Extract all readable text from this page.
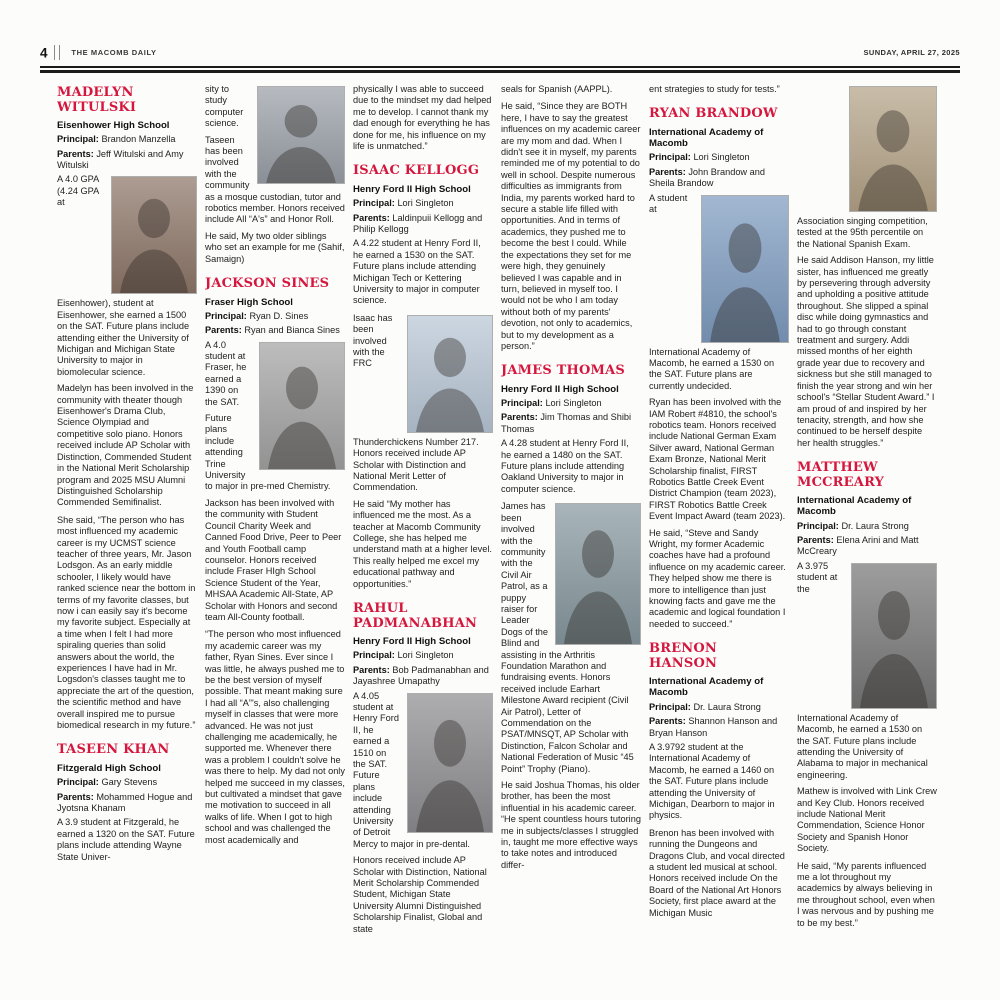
4	THE MACOMB DAILY	SUNDAY, APRIL 27, 2025
MADELYN WITULSKI
Eisenhower High School
Principal: Brandon Manzella
Parents: Jeff Witulski and Amy Witulski

A 4.0 GPA (4.24 GPA at Eisenhower), student at Eisenhower, she earned a 1500 on the SAT. Future plans include attending either the University of Michigan and Michigan State University to major in biomolecular science.

Madelyn has been involved in the community with theater though Eisenhower's Drama Club, Science Olympiad and competitive solo piano. Honors received include AP Scholar with Distinction, Commended Student in the National Merit Scholarship program and 2025 MSU Alumni Distinguished Scholarship Commended Semifinalist.

She said, “The person who has most influenced my academic career is my UCMST science teacher of three years, Mr. Jason Lodsgon. As an early middle schooler, I likely would have ranked science near the bottom in terms of my favorite classes, but now i can easily say it's become my favorite subject. Especially at a time when I felt I had more spiraling queries than solid answers about the world, the experiences I have had in Mr. Logsdon's classes taught me to appreciate the art of the question, the scientific method and have overall inspired me to pursue biomedical research in my future.”

TASEEN KHAN
Fitzgerald High School
Principal: Gary Stevens
Parents: Mohammed Hogue and Jyotsna Khanam

A 3.9 student at Fitzgerald, he earned a 1320 on the SAT. Future plans include attending Wayne State Univer-

sity to study computer science.

Taseen has been involved with the community as a mosque custodian, tutor and robotics member. Honors received include All “A's” and Honor Roll.

He said, My two older siblings who set an example for me (Sahif, Samaign)

JACKSON SINES
Fraser High School
Principal: Ryan D. Sines
Parents: Ryan and Bianca Sines

A 4.0 student at Fraser, he earned a 1390 on the SAT.

Future plans include attending Trine University to major in pre-med Chemistry.

Jackson has been involved with the community with Student Council Charity Week and Canned Food Drive, Peer to Peer and Youth Football camp counselor. Honors received include Fraser HIgh School Science Student of the Year, MHSAA Academic All-State, AP Scholar with Honors and second team All-County football.

“The person who most influenced my academic career was my father, Ryan Sines. Ever since I was little, he always pushed me to be the best version of myself possible. That meant making sure I had all “A”'s, also challenging myself in classes that were more advanced. He was not just challenging me academically, he supported me. Whenever there was a problem I couldn't solve he was there to help. My dad not only helped me succeed in my classes, but cultivated a mindset that gave me motivation to succeed in all walks of life. When I got to high school and was challenged the most academically and

physically I was able to succeed due to the mindset my dad helped me to develop. I cannot thank my dad enough for everything he has done for me, his influence on my life is unmatched.”

ISAAC KELLOGG
Henry Ford II High School
Principal: Lori Singleton
Parents: Laldinpuii Kellogg and Philip Kellogg

A 4.22 student at Henry Ford II, he earned a 1530 on the SAT. Future plans include attending Michigan Tech or Kettering University to major in computer science.

Isaac has been involved with the FRC Thunderchickens Number 217. Honors received include AP Scholar with Distinction and National Merit Letter of Commendation.

He said “My mother has influenced me the most. As a teacher at Macomb Community College, she has helped me understand math at a higher level. This really helped me excel my educational pathway and opportunities.”

RAHUL PADMANABHAN
Henry Ford II High School
Principal: Lori Singleton
Parents: Bob Padmanabhan and Jayashree Umapathy

A 4.05 student at Henry Ford II, he earned a 1510 on the SAT. Future plans include attending University of Detroit Mercy to major in pre-dental.

Honors received include AP Scholar with Distinction, National Merit Scholarship Commended Student, Michigan State University Alumni Distinguished Scholarship Finalist, Global and state

seals for Spanish (AAPPL).

He said, “Since they are BOTH here, I have to say the greatest influences on my academic career are my mom and dad. When I didn't see it in myself, my parents reminded me of my potential to do well in school. Despite numerous difficulties as immigrants from India, my parents worked hard to secure a stable life filled with opportunities. And in terms of academics, they pushed me to become the best I could. While the expectations they set for me were high, they genuinely believed I was capable and in turn, believed in myself too. I would not be who I am today without both of my parents' devotion, not only to academics, but to my development as a person.”

JAMES THOMAS
Henry Ford II High School
Principal: Lori Singleton
Parents: Jim Thomas and Shibi Thomas

A 4.28 student at Henry Ford II, he earned a 1480 on the SAT. Future plans include attending Oakland University to major in computer science.

James has been involved with the community with the Civil Air Patrol, as a puppy raiser for Leader Dogs of the Blind and assisting in the Arthritis Foundation Marathon and fundraising events. Honors received include Earhart Milestone Award recipient (Civil Air Patrol), Letter of Commendation on the PSAT/MNSQT, AP Scholar with Distinction, Falcon Scholar and National Federation of Music “45 Point” Trophy (Piano).

He said Joshua Thomas, his older brother, has been the most influential in his academic career. “He spent countless hours tutoring me in subjects/classes I struggled in, taught me more effective ways to take notes and introduced differ-

ent strategies to study for tests.”

RYAN BRANDOW
International Academy of Macomb
Principal: Lori Singleton
Parents: John Brandow and Sheila Brandow

A student at International Academy of Macomb, he earned a 1530 on the SAT. Future plans are currently undecided.

Ryan has been involved with the IAM Robert #4810, the school's robotics team. Honors received include National German Exam Silver award, National German Exam Bronze, National Merit Scholarship finalist, FIRST Robotics Battle Creek Event District Champion (team 2023), FIRST Robotics Battle Creek Event Impact Award (team 2023).

He said, “Steve and Sandy Wright, my former Academic coaches have had a profound influence on my academic career. They helped show me there is more to intelligence than just knowing facts and gave me the academic and logical foundation I needed to succeed.”

BRENON HANSON
International Academy of Macomb
Principal: Dr. Laura Strong
Parents: Shannon Hanson and Bryan Hanson

A 3.9792 student at the International Academy of Macomb, he earned a 1460 on the SAT. Future plans include attending the University of Michigan, Dearborn to major in physics.

Brenon has been involved with running the Dungeons and Dragons Club, and vocal directed a student led musical at school. Honors received include On the Board of the National Art Honors Society, first place award at the Michigan Music

Association singing competition, tested at the 95th percentile on the National Spanish Exam.

He said Addison Hanson, my little sister, has influenced me greatly by persevering through adversity and upholding a positive attitude throughout. She slipped a spinal disc while doing gymnastics and had to go through constant treatment and surgery. Addi missed months of her eighth grade year due to recovery and sickness but she still managed to finish the year strong and win her school's “Stellar Student Award.” I am proud of and inspired by her tenacity, strength, and how she continued to be herself despite her health struggles.”

MATTHEW MCCREARY
International Academy of Macomb
Principal: Dr. Laura Strong
Parents: Elena Arini and Matt McCreary

A 3.975 student at the International Academy of Macomb, he earned a 1530 on the SAT. Future plans include attending the University of Alabama to major in mechanical engineering.

Mathew is involved with Link Crew and Key Club. Honors received include National Merit Commendation, Science Honor Society and Spanish Honor Society.

He said, “My parents influenced me a lot throughout my academics by always believing in me throughout school, even when I was nervous and by pushing me to be my best.”
